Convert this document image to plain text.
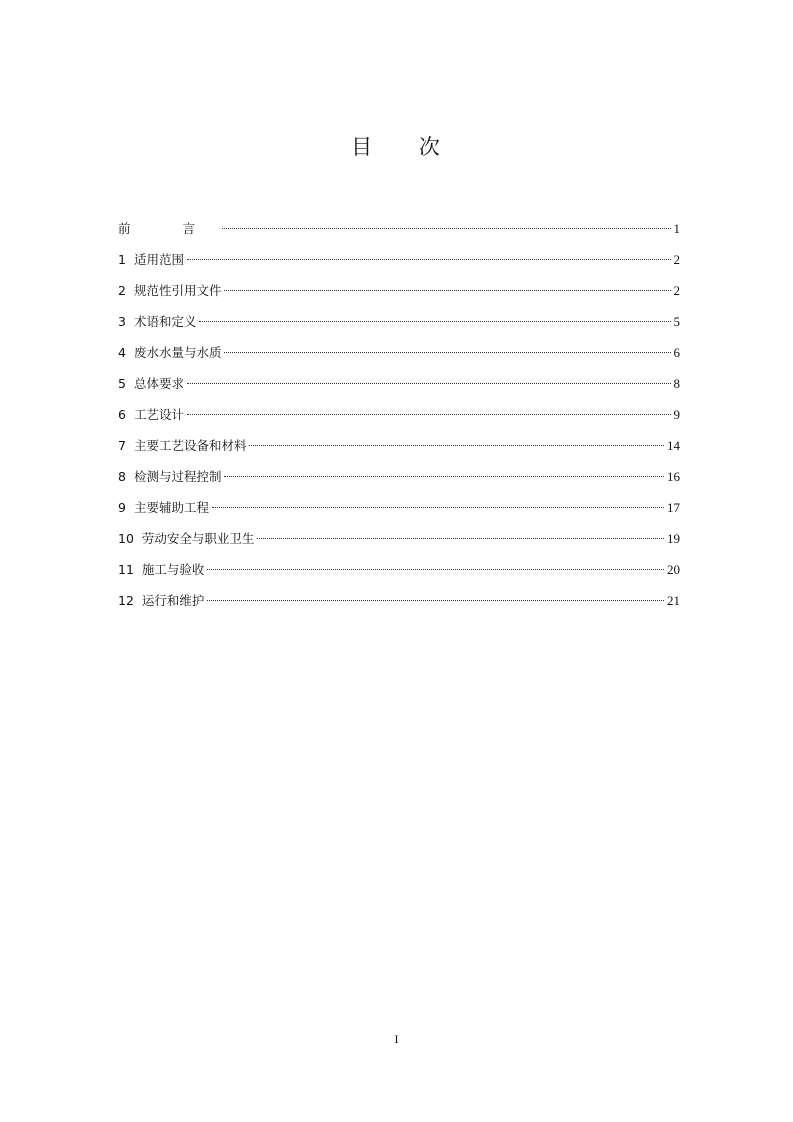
目 次
前 言	1
1 适用范围	2
2 规范性引用文件	2
3 术语和定义	5
4 废水水量与水质	6
5 总体要求	8
6 工艺设计	9
7 主要工艺设备和材料	14
8 检测与过程控制	16
9 主要辅助工程	17
10 劳动安全与职业卫生	19
11 施工与验收	20
12 运行和维护	21
I
